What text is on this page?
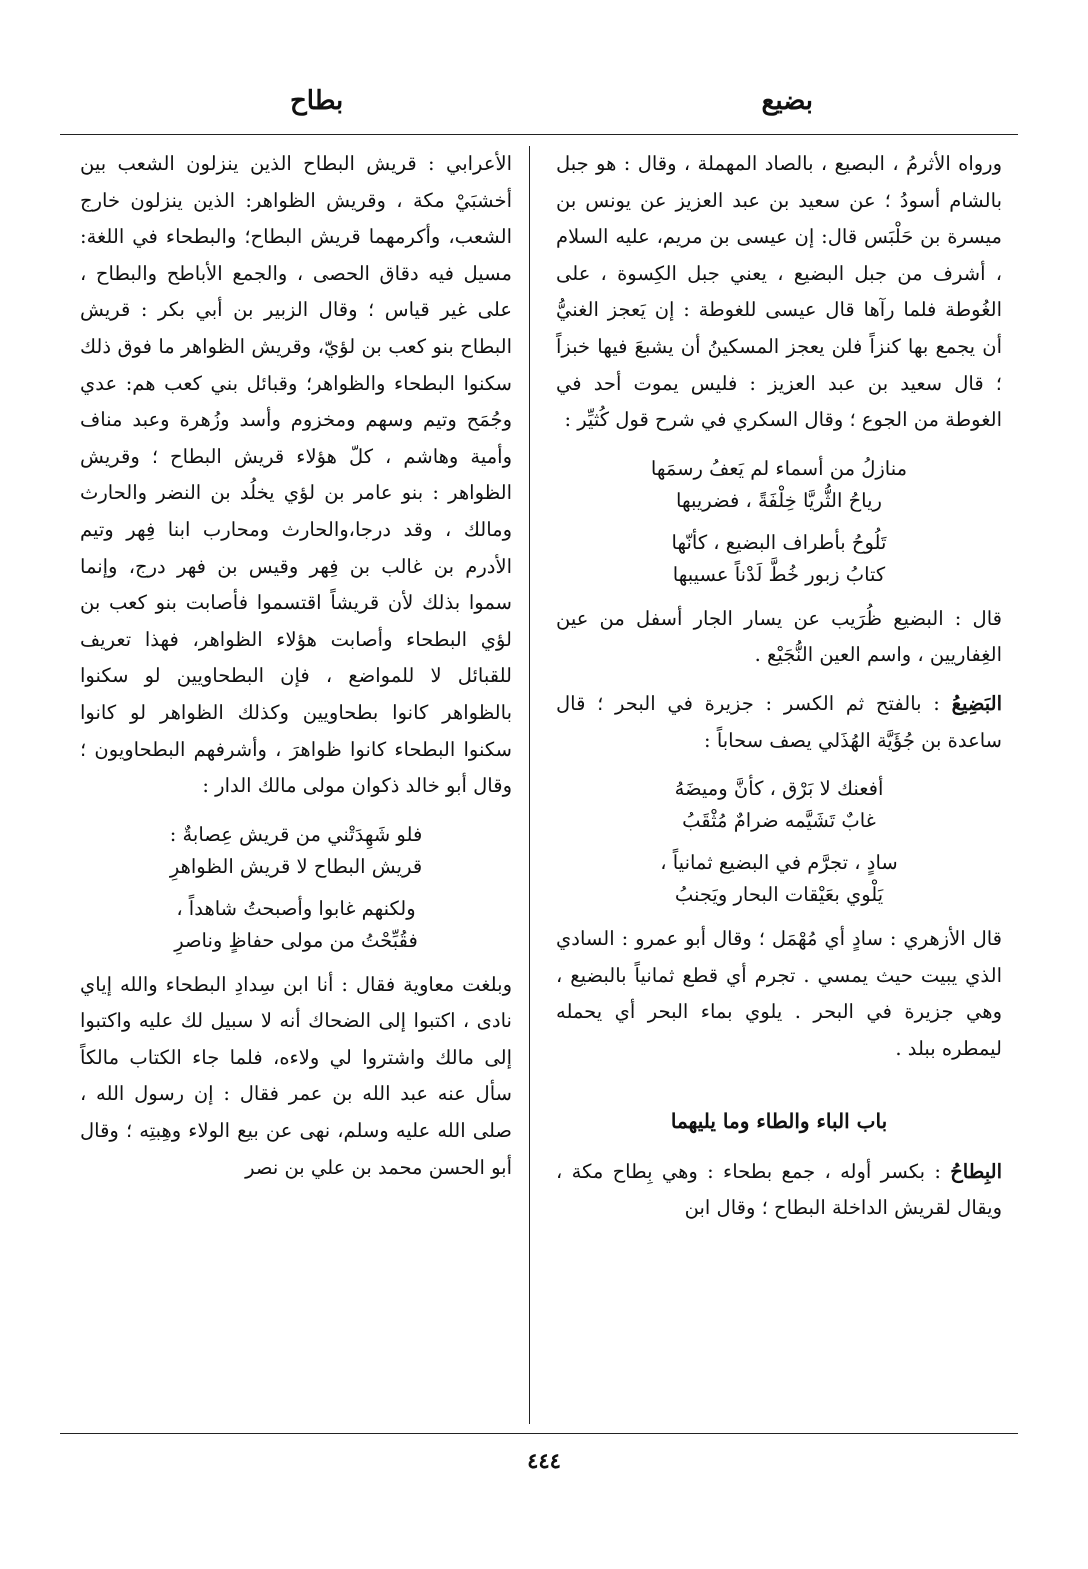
بضيع
بطاح

ورواه الأثرمُ ، البصيع ، بالصاد المهملة ، وقال : هو جبل بالشام أسودُ ؛ عن سعيد بن عبد العزيز عن يونس بن ميسرة بن حَلْبَس قال: إن عيسى بن مريم، عليه السلام ، أشرف من جبل البضيع ، يعني جبل الكِسوة ، على الغُوطة فلما رآها قال عيسى للغوطة : إن يَعجز الغنيُّ أن يجمع بها كنزاً فلن يعجز المسكينُ أن يشبعَ فيها خبزاً ؛ قال سعيد بن عبد العزيز : فليس يموت أحد في الغوطة من الجوع ؛ وقال السكري في شرح قول كُثيِّر :

منازلُ من أسماء لم يَعفُ رسمَها
رياحُ الثُّريَّا خِلْفَةً ، فضريبها
تَلُوحُ بأطراف البضيع ، كأنّها
كتابُ زبور خُطَّ لَدْناً عسيبها

قال : البضيع ظُرَيب عن يسار الجار أسفل من عين الغِفاريين ، واسم العين النُّجَيْع .

البَضِيعُ : بالفتح ثم الكسر : جزيرة في البحر ؛ قال ساعدة بن جُؤَيَّة الهُذَلي يصف سحاباً :

أفعنك لا بَرْق ، كأنَّ وميضَهُ
غابٌ تَشَيَّمه ضرامٌ مُثْقَبُ
سادٍ ، تجرَّم في البضيع ثمانياً ،
يَلْوي بعَيْقات البحار ويَجنبُ

قال الأزهري : سادٍ أي مُهْمَل ؛ وقال أبو عمرو : السادي الذي يبيت حيث يمسي . تجرم أي قطع ثمانياً بالبضيع ، وهي جزيرة في البحر . يلوي بماء البحر أي يحمله ليمطره ببلد .

باب الباء والطاء وما يليهما

البِطاحُ : بكسر أوله ، جمع بطحاء : وهي بِطاح مكة ، ويقال لقريش الداخلة البطاح ؛ وقال ابن

الأعرابي : قريش البطاح الذين ينزلون الشعب بين أخشبَيْ مكة ، وقريش الظواهر: الذين ينزلون خارج الشعب، وأكرمهما قريش البطاح؛ والبطحاء في اللغة: مسيل فيه دقاق الحصى ، والجمع الأباطح والبطاح ، على غير قياس ؛ وقال الزبير بن أبي بكر : قريش البطاح بنو كعب بن لؤيّ، وقريش الظواهر ما فوق ذلك سكنوا البطحاء والظواهر؛ وقبائل بني كعب هم: عدي وجُمَح وتيم وسهم ومخزوم وأسد وزُهرة وعبد مناف وأمية وهاشم ، كلّ هؤلاء قريش البطاح ؛ وقريش الظواهر : بنو عامر بن لؤي يخلُد بن النضر والحارث ومالك ، وقد درجا،والحارث ومحارب ابنا فِهر وتيم الأدرم بن غالب بن فِهر وقيس بن فهر درج، وإنما سموا بذلك لأن قريشاً اقتسموا فأصابت بنو كعب بن لؤي البطحاء وأصابت هؤلاء الظواهر، فهذا تعريف للقبائل لا للمواضع ، فإن البطحاويين لو سكنوا بالظواهر كانوا بطحاويين وكذلك الظواهر لو كانوا سكنوا البطحاء كانوا ظواهرَ ، وأشرفهم البطحاويون ؛ وقال أبو خالد ذكوان مولى مالك الدار :

فلو شَهِدَتْني من قريش عِصابةٌ :
قريش البطاح لا قريش الظواهرِ
ولكنهم غابوا وأصبحتُ شاهداً ،
فقُبِّحْتُ من مولى حفاظٍ وناصرِ

وبلغت معاوية فقال : أنا ابن سِدادِ البطحاء والله إياي نادى ، اكتبوا إلى الضحاك أنه لا سبيل لك عليه واكتبوا إلى مالك واشتروا لي ولاءه، فلما جاء الكتاب مالكاً سأل عنه عبد الله بن عمر فقال : إن رسول الله ، صلى الله عليه وسلم، نهى عن بيع الولاء وهِبتِه ؛ وقال أبو الحسن محمد بن علي بن نصر

٤٤٤
